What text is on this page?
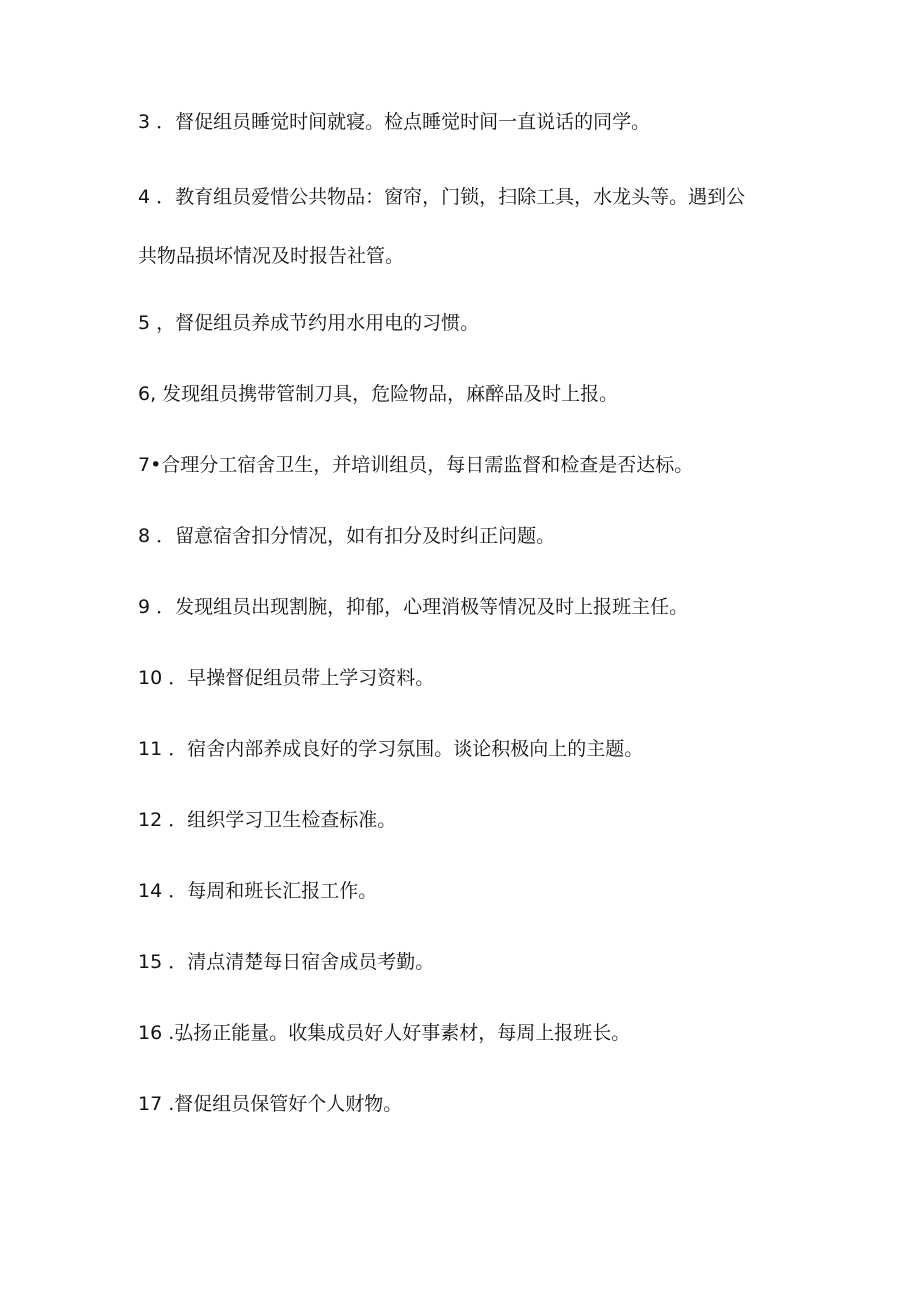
3 ．督促组员睡觉时间就寝。检点睡觉时间一直说话的同学。
4 ．教育组员爱惜公共物品：窗帘，门锁，扫除工具，水龙头等。遇到公
共物品损坏情况及时报告社管。
5 ，督促组员养成节约用水用电的习惯。
6, 发现组员携带管制刀具，危险物品，麻醉品及时上报。
7•合理分工宿舍卫生，并培训组员，每日需监督和检查是否达标。
8 ．留意宿舍扣分情况，如有扣分及时纠正问题。
9 ．发现组员出现割腕，抑郁，心理消极等情况及时上报班主任。
10 ．早操督促组员带上学习资料。
11 ．宿舍内部养成良好的学习氛围。谈论积极向上的主题。
12 ．组织学习卫生检查标准。
14 ．每周和班长汇报工作。
15 ．清点清楚每日宿舍成员考勤。
16 .弘扬正能量。收集成员好人好事素材，每周上报班长。
17 .督促组员保管好个人财物。
